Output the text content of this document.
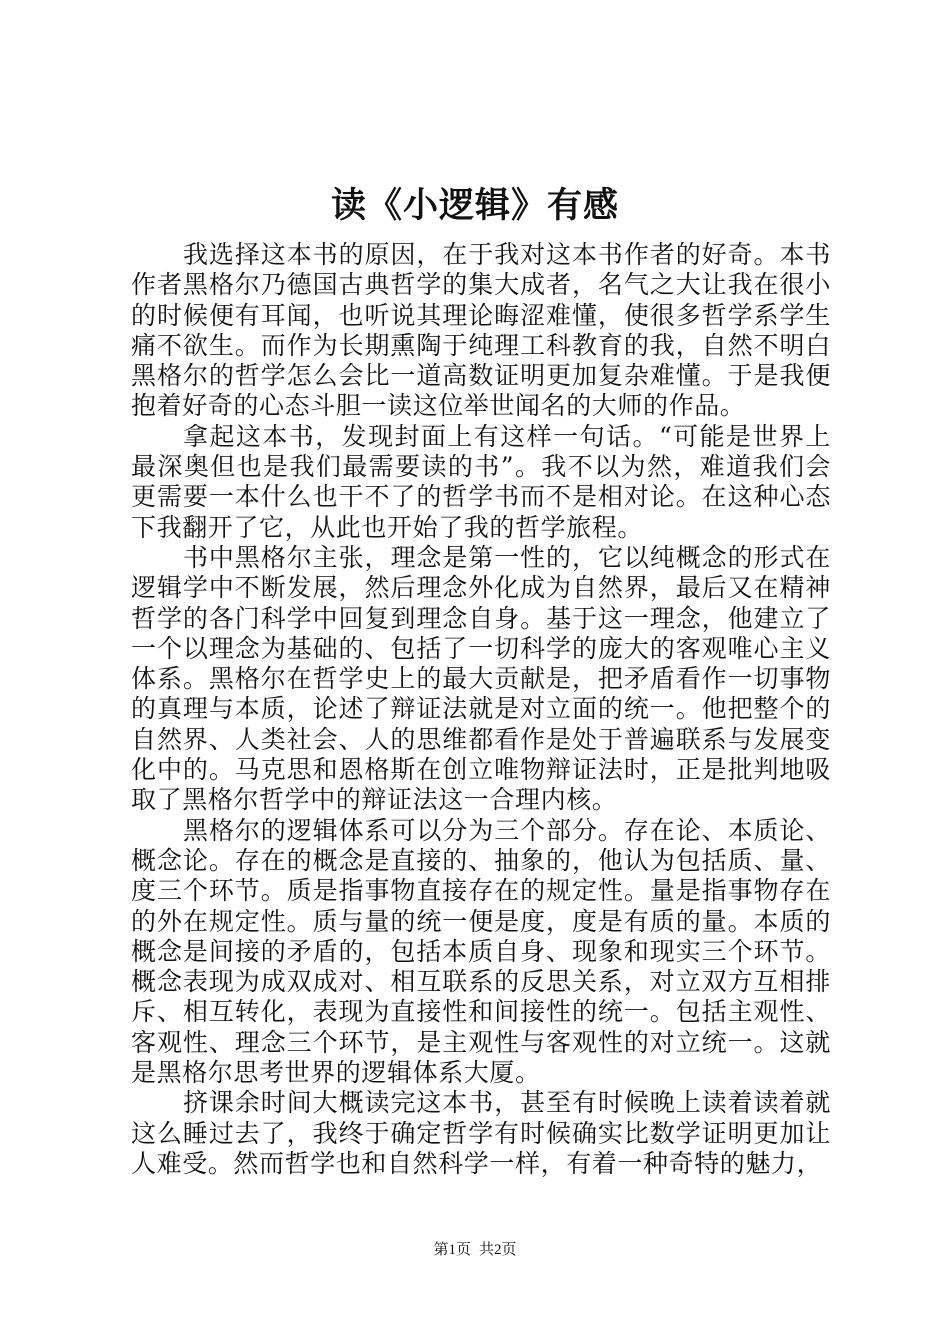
读《小逻辑》有感

我选择这本书的原因，在于我对这本书作者的好奇。本书作者黑格尔乃德国古典哲学的集大成者，名气之大让我在很小的时候便有耳闻，也听说其理论晦涩难懂，使很多哲学系学生痛不欲生。而作为长期熏陶于纯理工科教育的我，自然不明白黑格尔的哲学怎么会比一道高数证明更加复杂难懂。于是我便抱着好奇的心态斗胆一读这位举世闻名的大师的作品。

拿起这本书，发现封面上有这样一句话。“可能是世界上最深奥但也是我们最需要读的书”。我不以为然，难道我们会更需要一本什么也干不了的哲学书而不是相对论。在这种心态下我翻开了它，从此也开始了我的哲学旅程。

书中黑格尔主张，理念是第一性的，它以纯概念的形式在逻辑学中不断发展，然后理念外化成为自然界，最后又在精神哲学的各门科学中回复到理念自身。基于这一理念，他建立了一个以理念为基础的、包括了一切科学的庞大的客观唯心主义体系。黑格尔在哲学史上的最大贡献是，把矛盾看作一切事物的真理与本质，论述了辩证法就是对立面的统一。他把整个的自然界、人类社会、人的思维都看作是处于普遍联系与发展变化中的。马克思和恩格斯在创立唯物辩证法时，正是批判地吸取了黑格尔哲学中的辩证法这一合理内核。

黑格尔的逻辑体系可以分为三个部分。存在论、本质论、概念论。存在的概念是直接的、抽象的，他认为包括质、量、度三个环节。质是指事物直接存在的规定性。量是指事物存在的外在规定性。质与量的统一便是度，度是有质的量。本质的概念是间接的矛盾的，包括本质自身、现象和现实三个环节。概念表现为成双成对、相互联系的反思关系，对立双方互相排斥、相互转化，表现为直接性和间接性的统一。包括主观性、客观性、理念三个环节，是主观性与客观性的对立统一。这就是黑格尔思考世界的逻辑体系大厦。

挤课余时间大概读完这本书，甚至有时候晚上读着读着就这么睡过去了，我终于确定哲学有时候确实比数学证明更加让人难受。然而哲学也和自然科学一样，有着一种奇特的魅力，

第1页 共2页
